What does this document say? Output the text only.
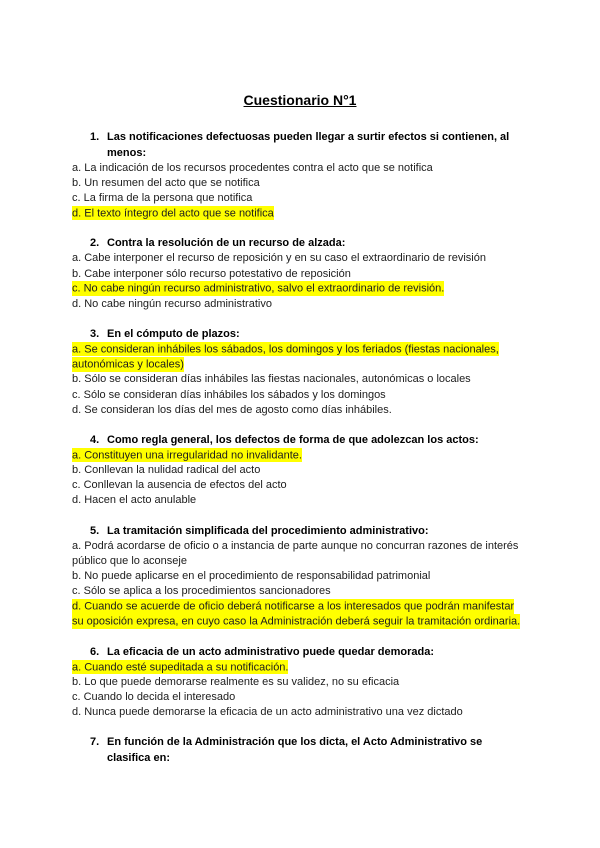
Cuestionario N°1
1. Las notificaciones defectuosas pueden llegar a surtir efectos si contienen, al
menos:
a. La indicación de los recursos procedentes contra el acto que se notifica
b. Un resumen del acto que se notifica
c. La firma de la persona que notifica
d. El texto íntegro del acto que se notifica
2. Contra la resolución de un recurso de alzada:
a. Cabe interponer el recurso de reposición y en su caso el extraordinario de revisión
b. Cabe interponer sólo recurso potestativo de reposición
c. No cabe ningún recurso administrativo, salvo el extraordinario de revisión.
d. No cabe ningún recurso administrativo
3. En el cómputo de plazos:
a. Se consideran inhábiles los sábados, los domingos y los feriados (fiestas nacionales,
autonómicas y locales)
b. Sólo se consideran días inhábiles las fiestas nacionales, autonómicas o locales
c. Sólo se consideran días inhábiles los sábados y los domingos
d. Se consideran los días del mes de agosto como días inhábiles.
4. Como regla general, los defectos de forma de que adolezcan los actos:
a. Constituyen una irregularidad no invalidante.
b. Conllevan la nulidad radical del acto
c. Conllevan la ausencia de efectos del acto
d. Hacen el acto anulable
5. La tramitación simplificada del procedimiento administrativo:
a. Podrá acordarse de oficio o a instancia de parte aunque no concurran razones de interés
público que lo aconseje
b. No puede aplicarse en el procedimiento de responsabilidad patrimonial
c. Sólo se aplica a los procedimientos sancionadores
d. Cuando se acuerde de oficio deberá notificarse a los interesados que podrán manifestar
su oposición expresa, en cuyo caso la Administración deberá seguir la tramitación ordinaria.
6. La eficacia de un acto administrativo puede quedar demorada:
a. Cuando esté supeditada a su notificación.
b. Lo que puede demorarse realmente es su validez, no su eficacia
c. Cuando lo decida el interesado
d. Nunca puede demorarse la eficacia de un acto administrativo una vez dictado
7. En función de la Administración que los dicta, el Acto Administrativo se
clasifica en:
